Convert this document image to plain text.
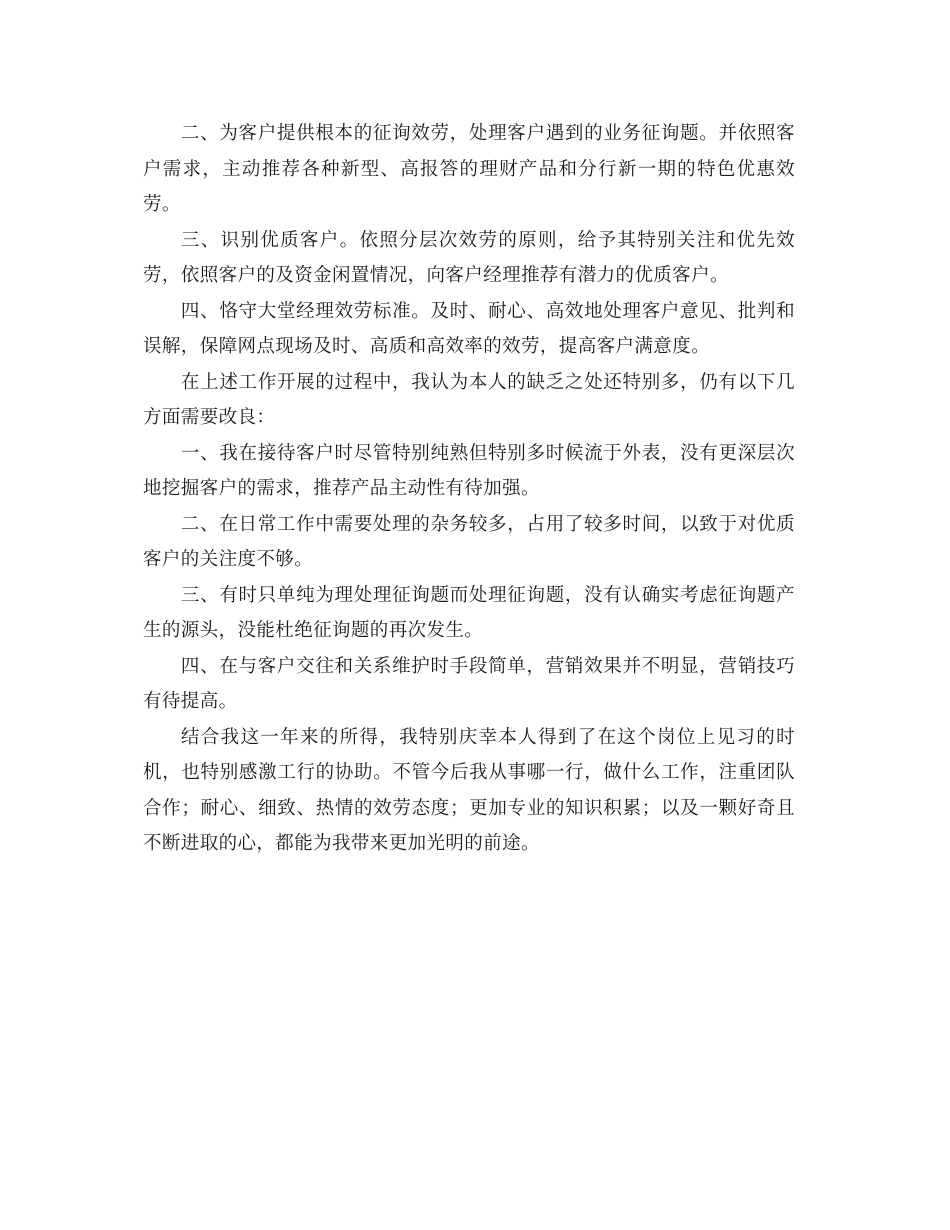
二、为客户提供根本的征询效劳，处理客户遇到的业务征询题。并依照客户需求，主动推荐各种新型、高报答的理财产品和分行新一期的特色优惠效劳。

三、识别优质客户。依照分层次效劳的原则，给予其特别关注和优先效劳，依照客户的及资金闲置情况，向客户经理推荐有潜力的优质客户。

四、恪守大堂经理效劳标准。及时、耐心、高效地处理客户意见、批判和误解，保障网点现场及时、高质和高效率的效劳，提高客户满意度。

在上述工作开展的过程中，我认为本人的缺乏之处还特别多，仍有以下几方面需要改良：

一、我在接待客户时尽管特别纯熟但特别多时候流于外表，没有更深层次地挖掘客户的需求，推荐产品主动性有待加强。

二、在日常工作中需要处理的杂务较多，占用了较多时间，以致于对优质客户的关注度不够。

三、有时只单纯为理处理征询题而处理征询题，没有认确实考虑征询题产生的源头，没能杜绝征询题的再次发生。

四、在与客户交往和关系维护时手段简单，营销效果并不明显，营销技巧有待提高。

结合我这一年来的所得，我特别庆幸本人得到了在这个岗位上见习的时机，也特别感激工行的协助。不管今后我从事哪一行，做什么工作，注重团队合作；耐心、细致、热情的效劳态度；更加专业的知识积累；以及一颗好奇且不断进取的心，都能为我带来更加光明的前途。
